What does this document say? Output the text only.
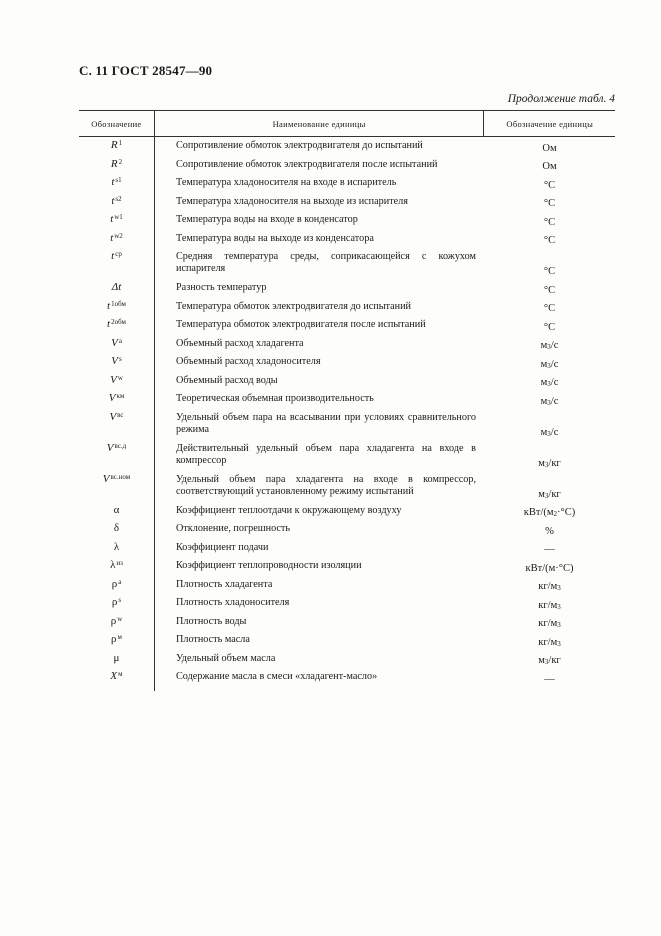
С. 11 ГОСТ 28547—90
Продолжение табл. 4
Обозначение	Наименование единицы	Обозначение единицы
R 1	Сопротивление обмоток электродвигателя до испытаний	Ом
R 2	Сопротивление обмоток электродвигателя после испытаний	Ом
t s1	Температура хладоносителя на входе в испаритель	°С
t s2	Температура хладоносителя на выходе из испарителя	°С
t w1	Температура воды на входе в конденсатор	°С
t w2	Температура воды на выходе из конденсатора	°С
t ср	Средняя температура среды, соприкасающейся с кожухом испарителя	°С
Δt	Разность температур	°С
t 1обм	Температура обмоток электродвигателя до испытаний	°С
t 2обм	Температура обмоток электродвигателя после испытаний	°С
V a	Объемный расход хладагента	м 3 /с
V s	Объемный расход хладоносителя	м 3 /с
V w	Объемный расход воды	м 3 /с
V км	Теоретическая объемная производительность	м 3 /с
V вс	Удельный объем пара на всасывании при условиях сравнительного режима	м 3 /с
V вс.д	Действительный удельный объем пара хладагента на входе в компрессор	м 3 /кг
V вс.ном	Удельный объем пара хладагента на входе в компрессор, соответствующий установленному режиму испытаний	м 3 /кг
α	Коэффициент теплоотдачи к окружающему воздуху	кВт/(м 2 ·°С)
δ	Отклонение, погрешность	%
λ	Коэффициент подачи	—
λ из	Коэффициент теплопроводности изоляции	кВт/(м·°С)
ρ a	Плотность хладагента	кг/м 3
ρ s	Плотность хладоносителя	кг/м 3
ρ w	Плотность воды	кг/м 3
ρ м	Плотность масла	кг/м 3
μ	Удельный объем масла	м 3 /кг
X м	Содержание масла в смеси «хладагент-масло»	—
